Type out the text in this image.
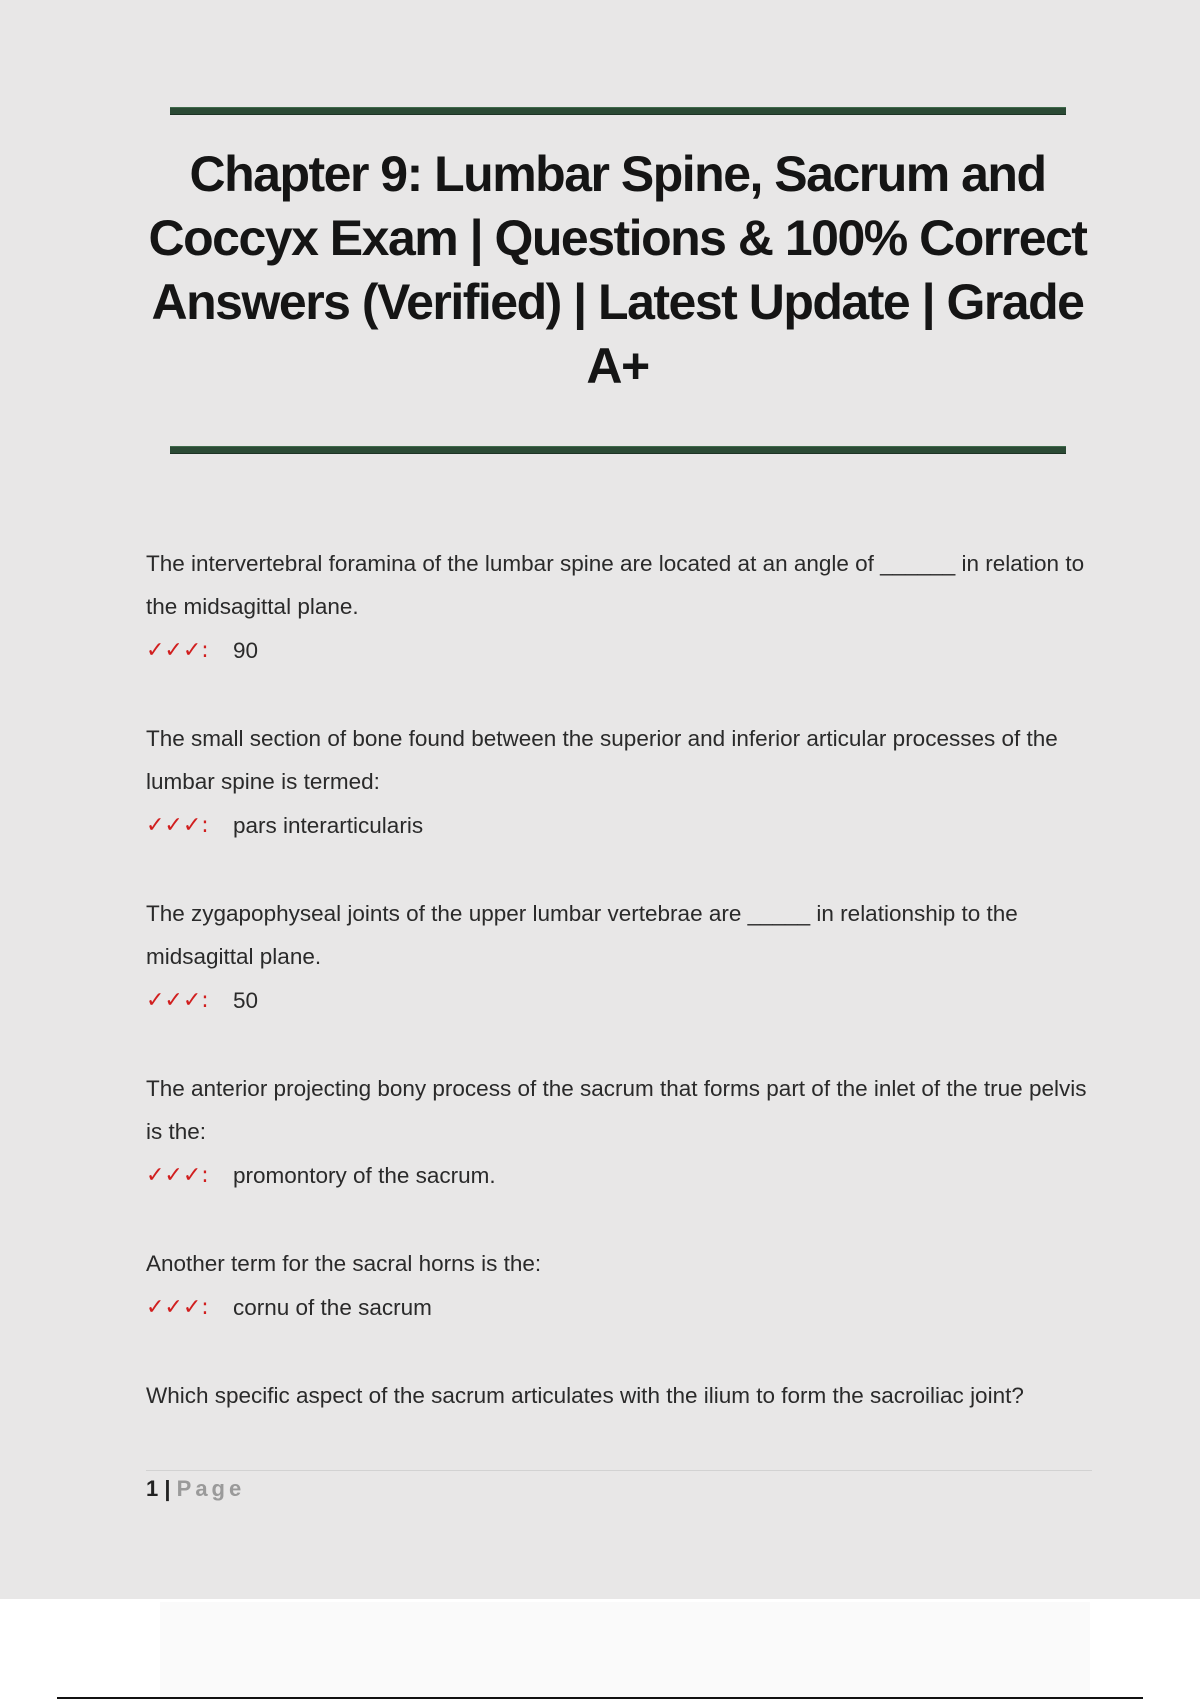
Chapter 9: Lumbar Spine, Sacrum and Coccyx Exam | Questions & 100% Correct Answers (Verified) | Latest Update | Grade A+

The intervertebral foramina of the lumbar spine are located at an angle of ______ in relation to the midsagittal plane.

✓✓✓:	90

The small section of bone found between the superior and inferior articular processes of the lumbar spine is termed:

✓✓✓:	pars interarticularis

The zygapophyseal joints of the upper lumbar vertebrae are _____ in relationship to the midsagittal plane.

✓✓✓:	50

The anterior projecting bony process of the sacrum that forms part of the inlet of the true pelvis is the:

✓✓✓:	promontory of the sacrum.

Another term for the sacral horns is the:

✓✓✓:	cornu of the sacrum

Which specific aspect of the sacrum articulates with the ilium to form the sacroiliac joint?

1 | Page
